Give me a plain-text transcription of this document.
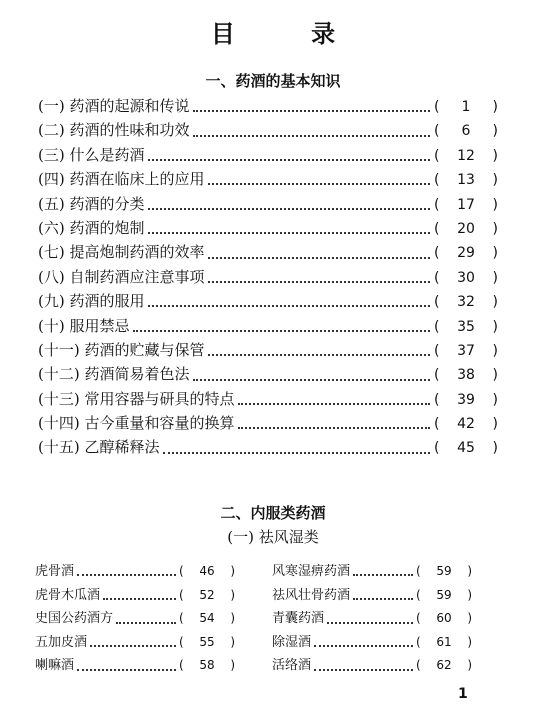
目 录
一、药酒的基本知识
(一) 药酒的起源和传说	(	1	)
(二) 药酒的性味和功效	(	6	)
(三) 什么是药酒	(	12	)
(四) 药酒在临床上的应用	(	13	)
(五) 药酒的分类	(	17	)
(六) 药酒的炮制	(	20	)
(七) 提高炮制药酒的效率	(	29	)
(八) 自制药酒应注意事项	(	30	)
(九) 药酒的服用	(	32	)
(十) 服用禁忌	(	35	)
(十一) 药酒的贮藏与保管	(	37	)
(十二) 药酒简易着色法	(	38	)
(十三) 常用容器与研具的特点	(	39	)
(十四) 古今重量和容量的换算	(	42	)
(十五) 乙醇稀释法	(	45	)
二、内服类药酒
(一) 祛风湿类
虎骨酒	(	46	)
虎骨木瓜酒	(	52	)
史国公药酒方	(	54	)
五加皮酒	(	55	)
喇嘛酒	(	58	)
风寒湿痹药酒	(	59	)
祛风壮骨药酒	(	59	)
青囊药酒	(	60	)
除湿酒	(	61	)
活络酒	(	62	)
1
